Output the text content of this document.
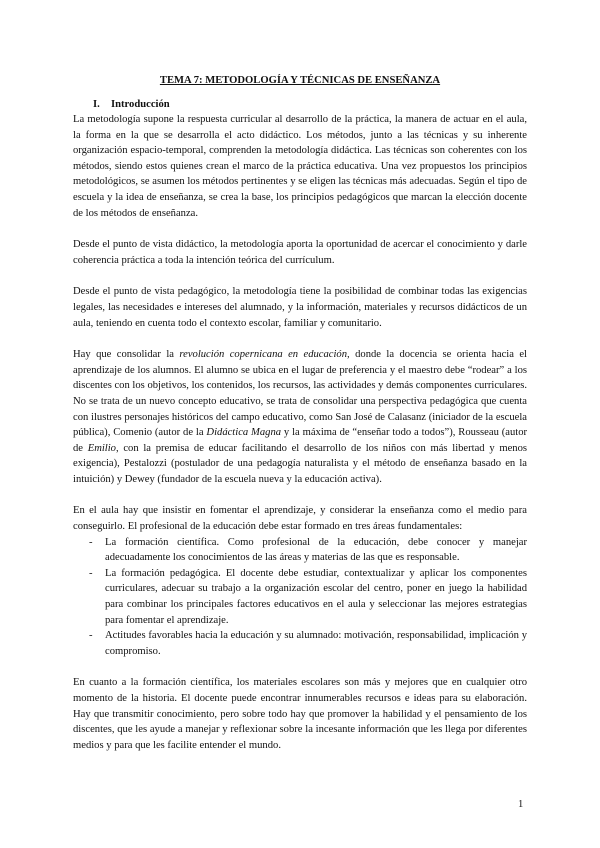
TEMA 7: METODOLOGÍA Y TÉCNICAS DE ENSEÑANZA
I. Introducción

La metodología supone la respuesta curricular al desarrollo de la práctica, la manera de actuar en el aula, la forma en la que se desarrolla el acto didáctico. Los métodos, junto a las técnicas y su inherente organización espacio-temporal, comprenden la metodología didáctica. Las técnicas son coherentes con los métodos, siendo estos quienes crean el marco de la práctica educativa. Una vez propuestos los principios metodológicos, se asumen los métodos pertinentes y se eligen las técnicas más adecuadas. Según el tipo de escuela y la idea de enseñanza, se crea la base, los principios pedagógicos que marcan la elección docente de los métodos de enseñanza.

Desde el punto de vista didáctico, la metodología aporta la oportunidad de acercar el conocimiento y darle coherencia práctica a toda la intención teórica del currículum.

Desde el punto de vista pedagógico, la metodología tiene la posibilidad de combinar todas las exigencias legales, las necesidades e intereses del alumnado, y la información, materiales y recursos didácticos de un aula, teniendo en cuenta todo el contexto escolar, familiar y comunitario.

Hay que consolidar la revolución copernicana en educación, donde la docencia se orienta hacia el aprendizaje de los alumnos. El alumno se ubica en el lugar de preferencia y el maestro debe “rodear” a los discentes con los objetivos, los contenidos, los recursos, las actividades y demás componentes curriculares. No se trata de un nuevo concepto educativo, se trata de consolidar una perspectiva pedagógica que cuenta con ilustres personajes históricos del campo educativo, como San José de Calasanz (iniciador de la escuela pública), Comenio (autor de la Didáctica Magna y la máxima de “enseñar todo a todos”), Rousseau (autor de Emilio, con la premisa de educar facilitando el desarrollo de los niños con más libertad y menos exigencia), Pestalozzi (postulador de una pedagogía naturalista y el método de enseñanza basado en la intuición) y Dewey (fundador de la escuela nueva y la educación activa).

En el aula hay que insistir en fomentar el aprendizaje, y considerar la enseñanza como el medio para conseguirlo. El profesional de la educación debe estar formado en tres áreas fundamentales:

- La formación científica. Como profesional de la educación, debe conocer y manejar adecuadamente los conocimientos de las áreas y materias de las que es responsable.
- La formación pedagógica. El docente debe estudiar, contextualizar y aplicar los componentes curriculares, adecuar su trabajo a la organización escolar del centro, poner en juego la habilidad para combinar los principales factores educativos en el aula y seleccionar las mejores estrategias para fomentar el aprendizaje.
- Actitudes favorables hacia la educación y su alumnado: motivación, responsabilidad, implicación y compromiso.

En cuanto a la formación científica, los materiales escolares son más y mejores que en cualquier otro momento de la historia. El docente puede encontrar innumerables recursos e ideas para su elaboración. Hay que transmitir conocimiento, pero sobre todo hay que promover la habilidad y el pensamiento de los discentes, que les ayude a manejar y reflexionar sobre la incesante información que les llega por diferentes medios y para que les facilite entender el mundo.

1
